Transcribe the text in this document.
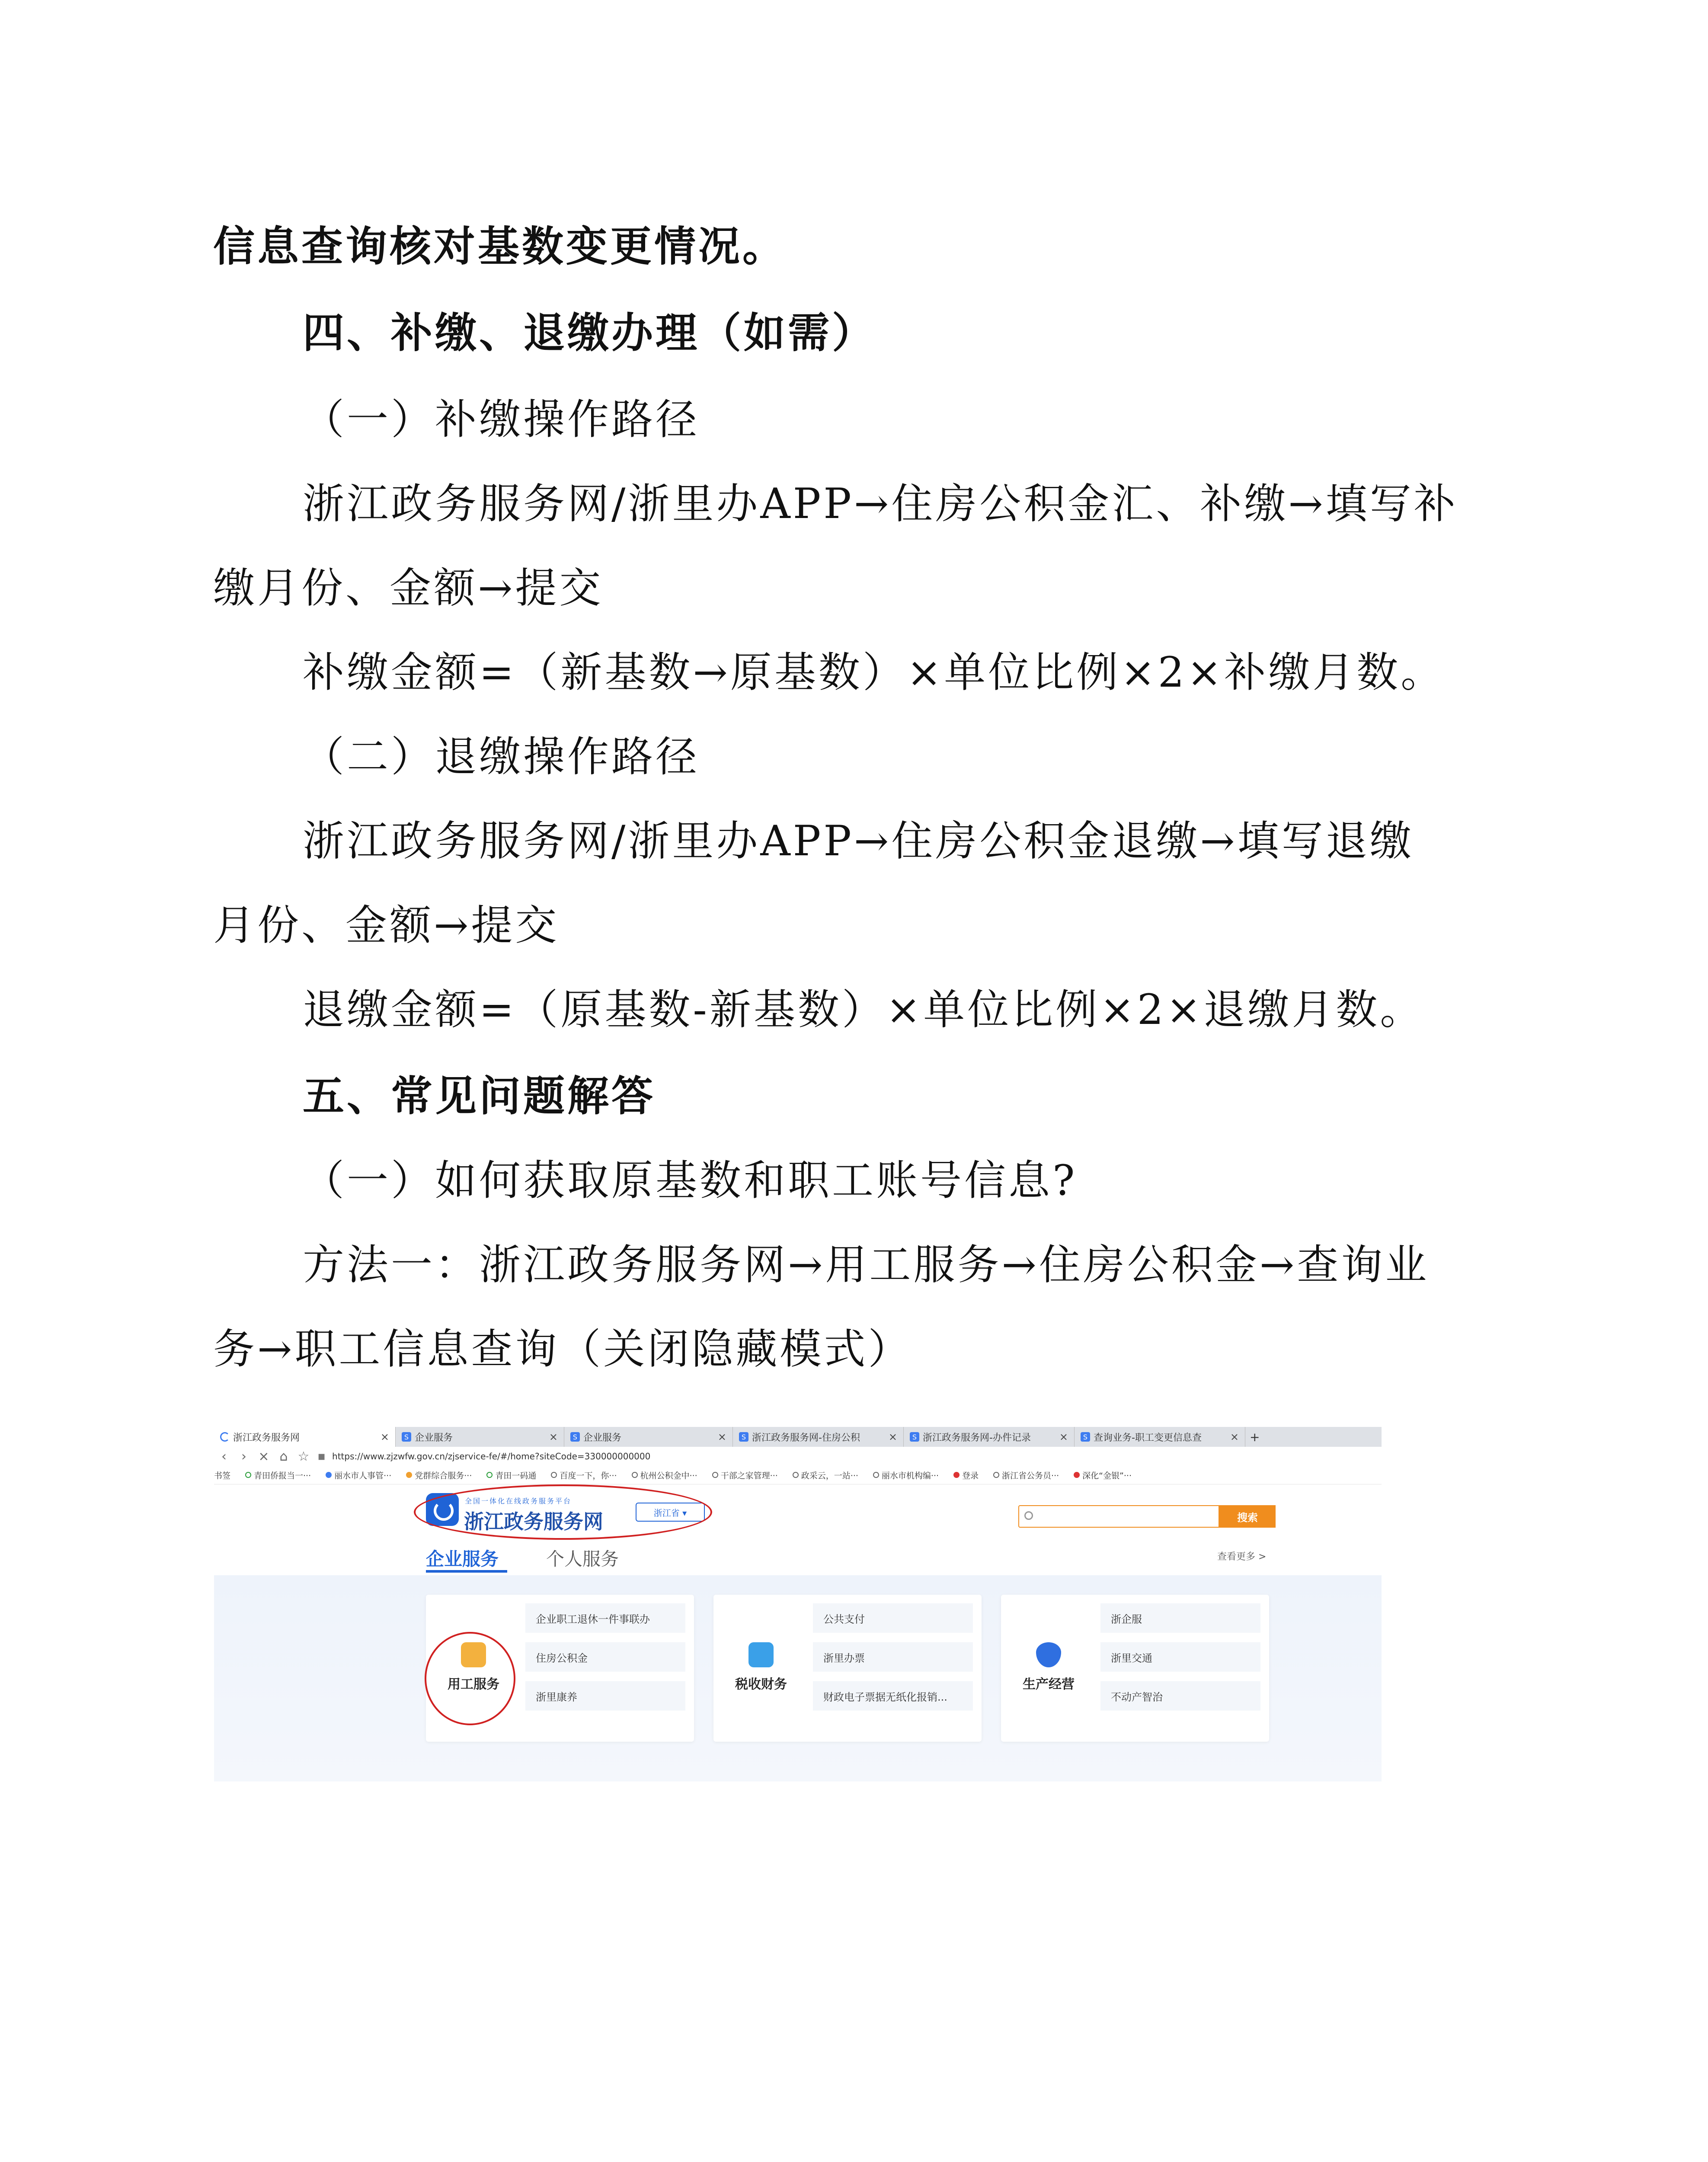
信息查询核对基数变更情况。
四、补缴、退缴办理（如需）
（一）补缴操作路径
浙江政务服务网/浙里办APP→住房公积金汇、补缴→填写补
缴月份、金额→提交
补缴金额=（新基数→原基数）×单位比例×2×补缴月数。
（二）退缴操作路径
浙江政务服务网/浙里办APP→住房公积金退缴→填写退缴
月份、金额→提交
退缴金额=（原基数-新基数）×单位比例×2×退缴月数。
五、常见问题解答
（一）如何获取原基数和职工账号信息?
方法一：浙江政务服务网→用工服务→住房公积金→查询业
务→职工信息查询（关闭隐藏模式）
浙江政务服务网	×	S 企业服务	×	S 企业服务	×	S 浙江政务服务网-住房公积	×	S 浙江政务服务网-办件记录	×	S 查询业务-职工变更信息查	× +
‹	› × ⌂ ☆	■ https://www.zjzwfw.gov.cn/zjservice-fe/#/home?siteCode=330000000000
书签	青田侨报当一···	丽水市人事管···	党群综合服务···	青田一码通	百度一下，你···	杭州公积金中···	干部之家管理···	政采云，一站···	丽水市机构编···	登录	浙江省公务员···	深化“金银”···
全国一体化在线政务服务平台
浙江政务服务网	浙江省 ▾	搜索
企业服务	个人服务	查看更多 >
用工服务
企业职工退休一件事联办
住房公积金
浙里康养
税收财务
公共支付
浙里办票
财政电子票据无纸化报销...
生产经营
浙企服
浙里交通
不动产智治
